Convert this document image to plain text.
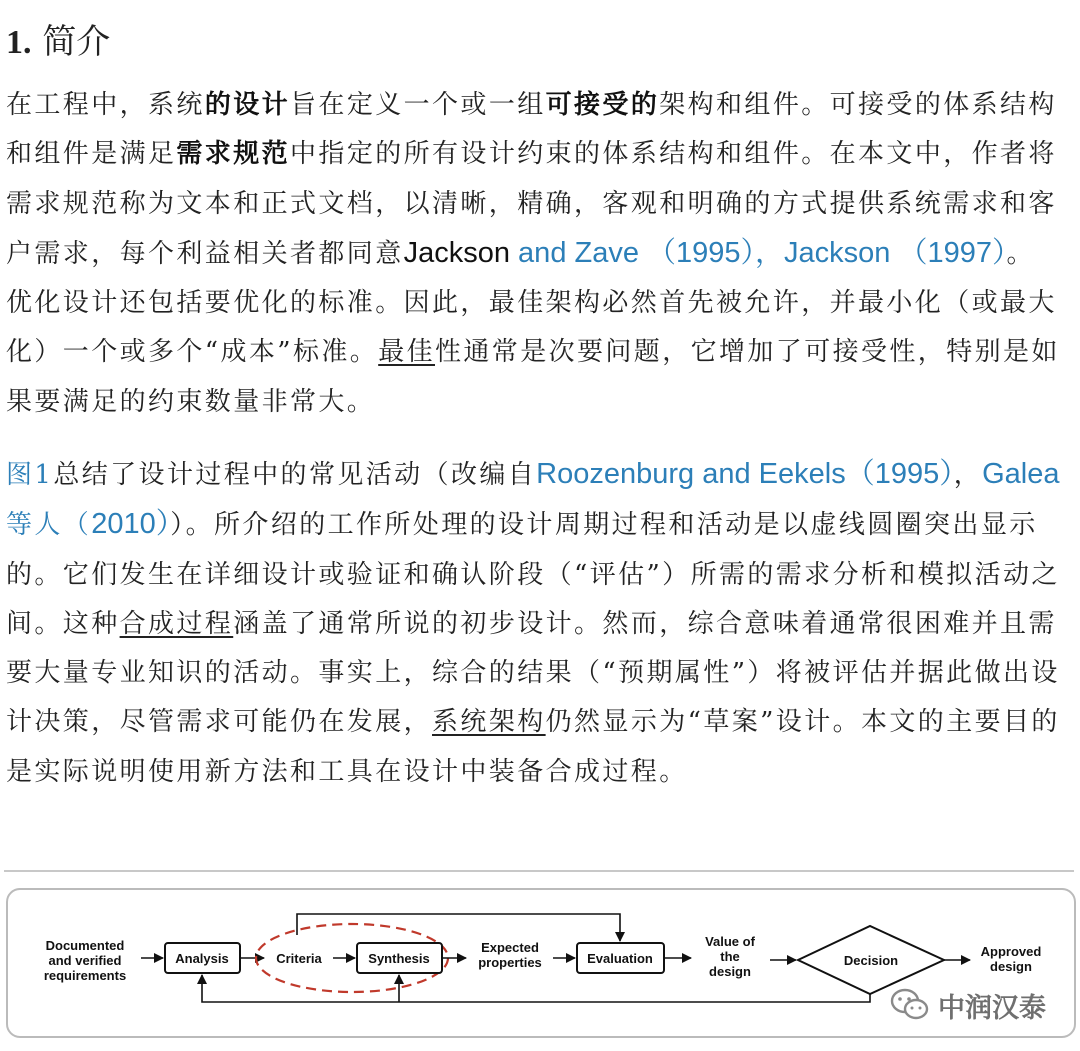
1. 简介

在工程中，系统的设计旨在定义一个或一组可接受的架构和组件。可接受的体系结构和组件是满足需求规范中指定的所有设计约束的体系结构和组件。在本文中，作者将需求规范称为文本和正式文档，以清晰，精确，客观和明确的方式提供系统需求和客户需求，每个利益相关者都同意Jackson and Zave （1995），Jackson （1997）。优化设计还包括要优化的标准。因此，最佳架构必然首先被允许，并最小化（或最大化）一个或多个“成本”标准。最佳性通常是次要问题，它增加了可接受性，特别是如果要满足的约束数量非常大。

图1总结了设计过程中的常见活动（改编自Roozenburg and Eekels（1995），Galea等人（2010））。所介绍的工作所处理的设计周期过程和活动是以虚线圆圈突出显示的。它们发生在详细设计或验证和确认阶段（“评估”）所需的需求分析和模拟活动之间。这种合成过程涵盖了通常所说的初步设计。然而，综合意味着通常很困难并且需要大量专业知识的活动。事实上，综合的结果（“预期属性”）将被评估并据此做出设计决策，尽管需求可能仍在发展，系统架构仍然显示为“草案”设计。本文的主要目的是实际说明使用新方法和工具在设计中装备合成过程。

Documented
and verified
requirements
Analysis	Criteria	Synthesis
Expected
properties	Evaluation
Value of
the
design
Decision
Approved
design
中润汉泰
